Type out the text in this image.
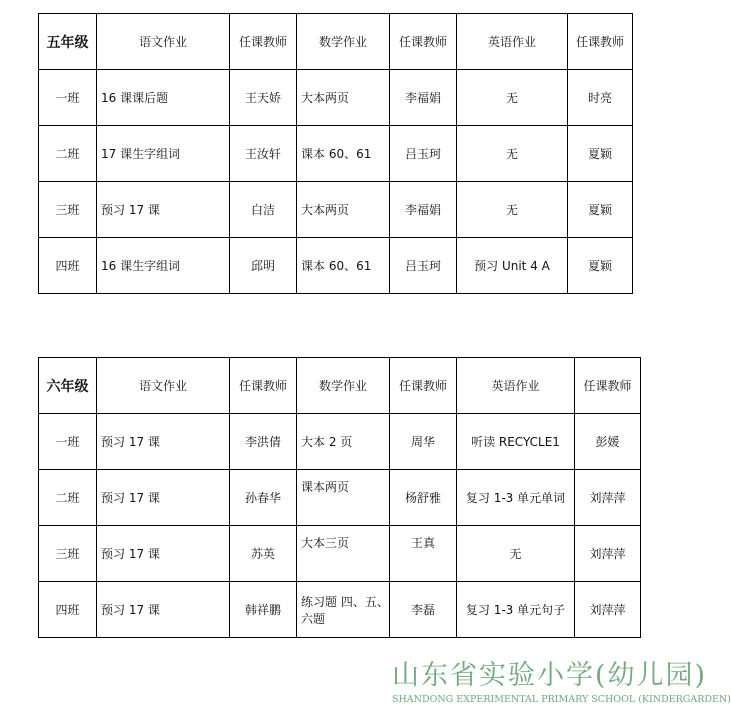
五年级	语文作业	任课教师	数学作业	任课教师	英语作业	任课教师
一班	16 课课后题	王天娇	大本两页	李福娟	无	时亮
二班	17 课生字组词	王汝轩	课本 60、61	吕玉珂	无	夏颖
三班	预习 17 课	白洁	大本两页	李福娟	无	夏颖
四班	16 课生字组词	邱明	课本 60、61	吕玉珂	预习 Unit 4 A	夏颖
六年级	语文作业	任课教师	数学作业	任课教师	英语作业	任课教师
一班	预习 17 课	李洪倩	大本 2 页	周华	听读 RECYCLE1	彭媛
二班	预习 17 课	孙春华	课本两页	杨舒雅	复习 1-3 单元单词	刘萍萍
三班	预习 17 课	苏英	大本三页	王真	无	刘萍萍
四班	预习 17 课	韩祥鹏	练习题 四、五、六题	李磊	复习 1-3 单元句子	刘萍萍
山东省实验小学(幼儿园)
SHANDONG EXPERIMENTAL PRIMARY SCHOOL (KINDERGARDEN)
